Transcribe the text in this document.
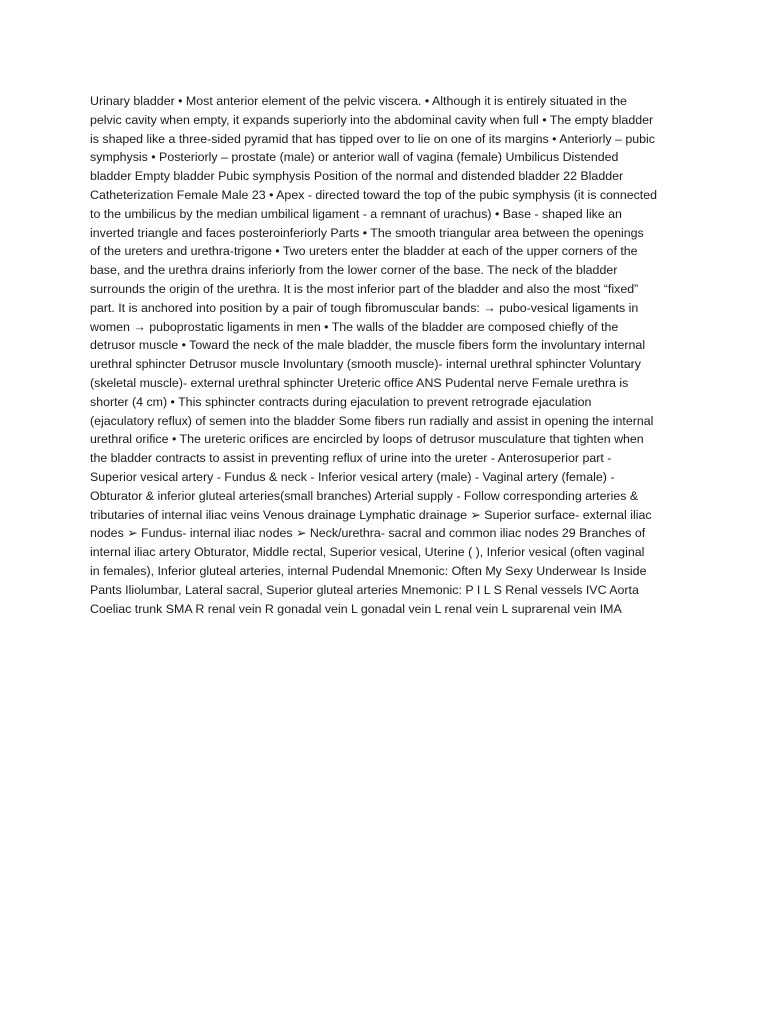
Urinary bladder • Most anterior element of the pelvic viscera. • Although it is entirely situated in the
pelvic cavity when empty, it expands superiorly into the abdominal cavity when full • The empty bladder
is shaped like a three-sided pyramid that has tipped over to lie on one of its margins • Anteriorly – pubic
symphysis • Posteriorly – prostate (male) or anterior wall of vagina (female) Umbilicus Distended
bladder Empty bladder Pubic symphysis Position of the normal and distended bladder 22 Bladder
Catheterization Female Male 23 • Apex - directed toward the top of the pubic symphysis (it is connected
to the umbilicus by the median umbilical ligament - a remnant of urachus) • Base - shaped like an
inverted triangle and faces posteroinferiorly Parts • The smooth triangular area between the openings
of the ureters and urethra-trigone • Two ureters enter the bladder at each of the upper corners of the
base, and the urethra drains inferiorly from the lower corner of the base. The neck of the bladder
surrounds the origin of the urethra. It is the most inferior part of the bladder and also the most “fixed”
part. It is anchored into position by a pair of tough fibromuscular bands: → pubo-vesical ligaments in
women → puboprostatic ligaments in men • The walls of the bladder are composed chiefly of the
detrusor muscle • Toward the neck of the male bladder, the muscle fibers form the involuntary internal
urethral sphincter Detrusor muscle Involuntary (smooth muscle)- internal urethral sphincter Voluntary
(skeletal muscle)- external urethral sphincter Ureteric office ANS Pudental nerve Female urethra is
shorter (4 cm) • This sphincter contracts during ejaculation to prevent retrograde ejaculation
(ejaculatory reflux) of semen into the bladder Some fibers run radially and assist in opening the internal
urethral orifice • The ureteric orifices are encircled by loops of detrusor musculature that tighten when
the bladder contracts to assist in preventing reflux of urine into the ureter - Anterosuperior part -
Superior vesical artery - Fundus & neck - Inferior vesical artery (male) - Vaginal artery (female) -
Obturator & inferior gluteal arteries(small branches) Arterial supply - Follow corresponding arteries &
tributaries of internal iliac veins Venous drainage Lymphatic drainage ➢ Superior surface- external iliac
nodes ➢ Fundus- internal iliac nodes ➢ Neck/urethra- sacral and common iliac nodes 29 Branches of
internal iliac artery Obturator, Middle rectal, Superior vesical, Uterine ( ), Inferior vesical (often vaginal
in females), Inferior gluteal arteries, internal Pudendal Mnemonic: Often My Sexy Underwear Is Inside
Pants Iliolumbar, Lateral sacral, Superior gluteal arteries Mnemonic: P I L S Renal vessels IVC Aorta
Coeliac trunk SMA R renal vein R gonadal vein L gonadal vein L renal vein L suprarenal vein IMA
